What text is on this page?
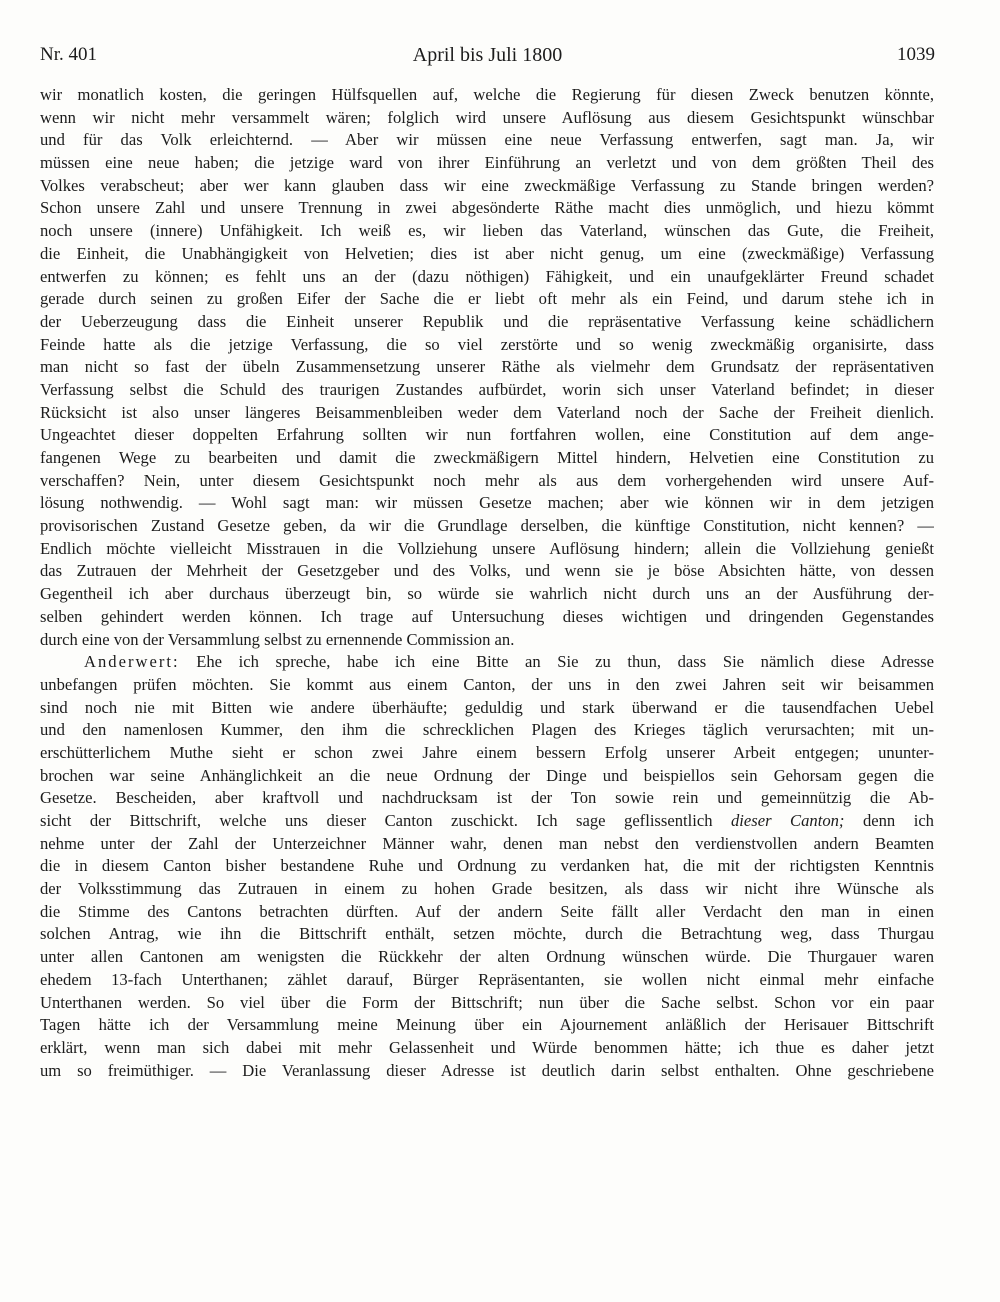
Nr. 401	April bis Juli 1800	1039
wir monatlich kosten, die geringen Hülfsquellen auf, welche die Regierung für diesen Zweck benutzen könnte,
wenn wir nicht mehr versammelt wären; folglich wird unsere Auflösung aus diesem Gesichtspunkt wünschbar
und für das Volk erleichternd. — Aber wir müssen eine neue Verfassung entwerfen, sagt man. Ja, wir
müssen eine neue haben; die jetzige ward von ihrer Einführung an verletzt und von dem größten Theil des
Volkes verabscheut; aber wer kann glauben dass wir eine zweckmäßige Verfassung zu Stande bringen werden?
Schon unsere Zahl und unsere Trennung in zwei abgesönderte Räthe macht dies unmöglich, und hiezu kömmt
noch unsere (innere) Unfähigkeit. Ich weiß es, wir lieben das Vaterland, wünschen das Gute, die Freiheit,
die Einheit, die Unabhängigkeit von Helvetien; dies ist aber nicht genug, um eine (zweckmäßige) Verfassung
entwerfen zu können; es fehlt uns an der (dazu nöthigen) Fähigkeit, und ein unaufgeklärter Freund schadet
gerade durch seinen zu großen Eifer der Sache die er liebt oft mehr als ein Feind, und darum stehe ich in
der Ueberzeugung dass die Einheit unserer Republik und die repräsentative Verfassung keine schädlichern
Feinde hatte als die jetzige Verfassung, die so viel zerstörte und so wenig zweckmäßig organisirte, dass
man nicht so fast der übeln Zusammensetzung unserer Räthe als vielmehr dem Grundsatz der repräsentativen
Verfassung selbst die Schuld des traurigen Zustandes aufbürdet, worin sich unser Vaterland befindet; in dieser
Rücksicht ist also unser längeres Beisammenbleiben weder dem Vaterland noch der Sache der Freiheit dienlich.
Ungeachtet dieser doppelten Erfahrung sollten wir nun fortfahren wollen, eine Constitution auf dem ange-
fangenen Wege zu bearbeiten und damit die zweckmäßigern Mittel hindern, Helvetien eine Constitution zu
verschaffen? Nein, unter diesem Gesichtspunkt noch mehr als aus dem vorhergehenden wird unsere Auf-
lösung nothwendig. — Wohl sagt man: wir müssen Gesetze machen; aber wie können wir in dem jetzigen
provisorischen Zustand Gesetze geben, da wir die Grundlage derselben, die künftige Constitution, nicht kennen? —
Endlich möchte vielleicht Misstrauen in die Vollziehung unsere Auflösung hindern; allein die Vollziehung genießt
das Zutrauen der Mehrheit der Gesetzgeber und des Volks, und wenn sie je böse Absichten hätte, von dessen
Gegentheil ich aber durchaus überzeugt bin, so würde sie wahrlich nicht durch uns an der Ausführung der-
selben gehindert werden können. Ich trage auf Untersuchung dieses wichtigen und dringenden Gegenstandes
durch eine von der Versammlung selbst zu ernennende Commission an.
Anderwert: Ehe ich spreche, habe ich eine Bitte an Sie zu thun, dass Sie nämlich diese Adresse
unbefangen prüfen möchten. Sie kommt aus einem Canton, der uns in den zwei Jahren seit wir beisammen
sind noch nie mit Bitten wie andere überhäufte; geduldig und stark überwand er die tausendfachen Uebel
und den namenlosen Kummer, den ihm die schrecklichen Plagen des Krieges täglich verursachten; mit un-
erschütterlichem Muthe sieht er schon zwei Jahre einem bessern Erfolg unserer Arbeit entgegen; ununter-
brochen war seine Anhänglichkeit an die neue Ordnung der Dinge und beispiellos sein Gehorsam gegen die
Gesetze. Bescheiden, aber kraftvoll und nachdrucksam ist der Ton sowie rein und gemeinnützig die Ab-
sicht der Bittschrift, welche uns dieser Canton zuschickt. Ich sage geflissentlich dieser Canton; denn ich
nehme unter der Zahl der Unterzeichner Männer wahr, denen man nebst den verdienstvollen andern Beamten
die in diesem Canton bisher bestandene Ruhe und Ordnung zu verdanken hat, die mit der richtigsten Kenntnis
der Volksstimmung das Zutrauen in einem zu hohen Grade besitzen, als dass wir nicht ihre Wünsche als
die Stimme des Cantons betrachten dürften. Auf der andern Seite fällt aller Verdacht den man in einen
solchen Antrag, wie ihn die Bittschrift enthält, setzen möchte, durch die Betrachtung weg, dass Thurgau
unter allen Cantonen am wenigsten die Rückkehr der alten Ordnung wünschen würde. Die Thurgauer waren
ehedem 13-fach Unterthanen; zählet darauf, Bürger Repräsentanten, sie wollen nicht einmal mehr einfache
Unterthanen werden. So viel über die Form der Bittschrift; nun über die Sache selbst. Schon vor ein paar
Tagen hätte ich der Versammlung meine Meinung über ein Ajournement anläßlich der Herisauer Bittschrift
erklärt, wenn man sich dabei mit mehr Gelassenheit und Würde benommen hätte; ich thue es daher jetzt
um so freimüthiger. — Die Veranlassung dieser Adresse ist deutlich darin selbst enthalten. Ohne geschriebene
